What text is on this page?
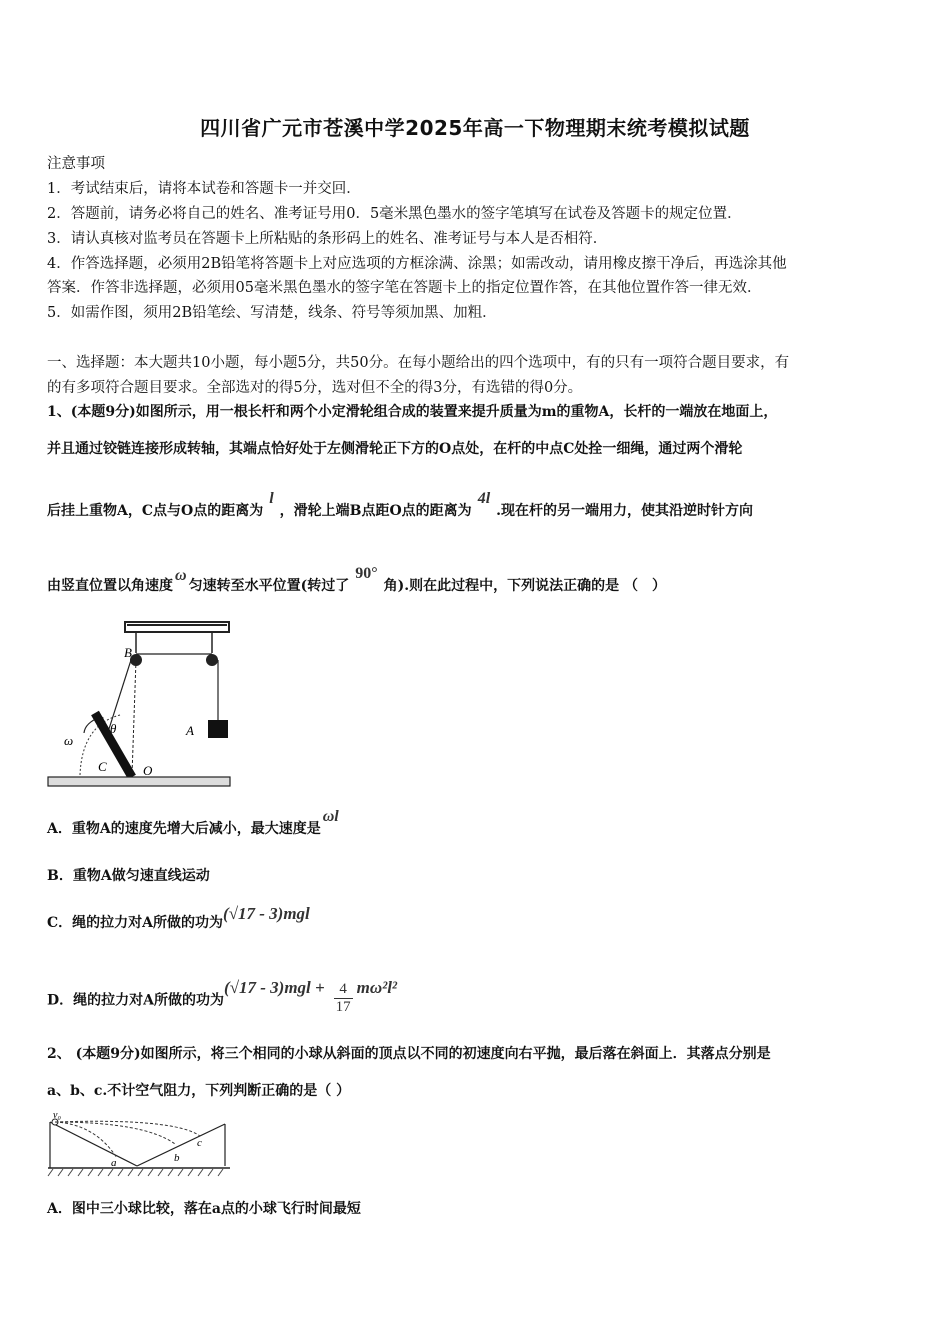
四川省广元市苍溪中学2025年高一下物理期末统考模拟试题
注意事项
1．考试结束后，请将本试卷和答题卡一并交回．
2．答题前，请务必将自己的姓名、准考证号用0．5毫米黑色墨水的签字笔填写在试卷及答题卡的规定位置．
3．请认真核对监考员在答题卡上所粘贴的条形码上的姓名、准考证号与本人是否相符．
4．作答选择题，必须用2B铅笔将答题卡上对应选项的方框涂满、涂黑；如需改动，请用橡皮擦干净后，再选涂其他
答案．作答非选择题，必须用05毫米黑色墨水的签字笔在答题卡上的指定位置作答，在其他位置作答一律无效．
5．如需作图，须用2B铅笔绘、写清楚，线条、符号等须加黑、加粗．
一、选择题：本大题共10小题，每小题5分，共50分。在每小题给出的四个选项中，有的只有一项符合题目要求，有
的有多项符合题目要求。全部选对的得5分，选对但不全的得3分，有选错的得0分。
1、(本题9分)如图所示，用一根长杆和两个小定滑轮组合成的装置来提升质量为m的重物A，长杆的一端放在地面上，
并且通过铰链连接形成转轴，其端点恰好处于左侧滑轮正下方的O点处，在杆的中点C处拴一细绳，通过两个滑轮
后挂上重物A，C点与O点的距离为l，滑轮上端B点距O点的距离为4l.现在杆的另一端用力，使其沿逆时针方向
由竖直位置以角速度ω匀速转至水平位置(转过了90°角).则在此过程中，下列说法正确的是 （　）
B
A
C	O
θ
ω
A．重物A的速度先增大后减小，最大速度是ωl
B．重物A做匀速直线运动
C．绳的拉力对A所做的功为(√17 - 3)mgl
D．绳的拉力对A所做的功为$(√17 - 3)mgl + \frac{4}{17} m\omega^2l^2$
2、 (本题9分)如图所示，将三个相同的小球从斜面的顶点以不同的初速度向右平抛，最后落在斜面上．其落点分别是
a、b、c.不计空气阻力，下列判断正确的是（ ）
v₀
a	b
c
A．图中三小球比较，落在a点的小球飞行时间最短
